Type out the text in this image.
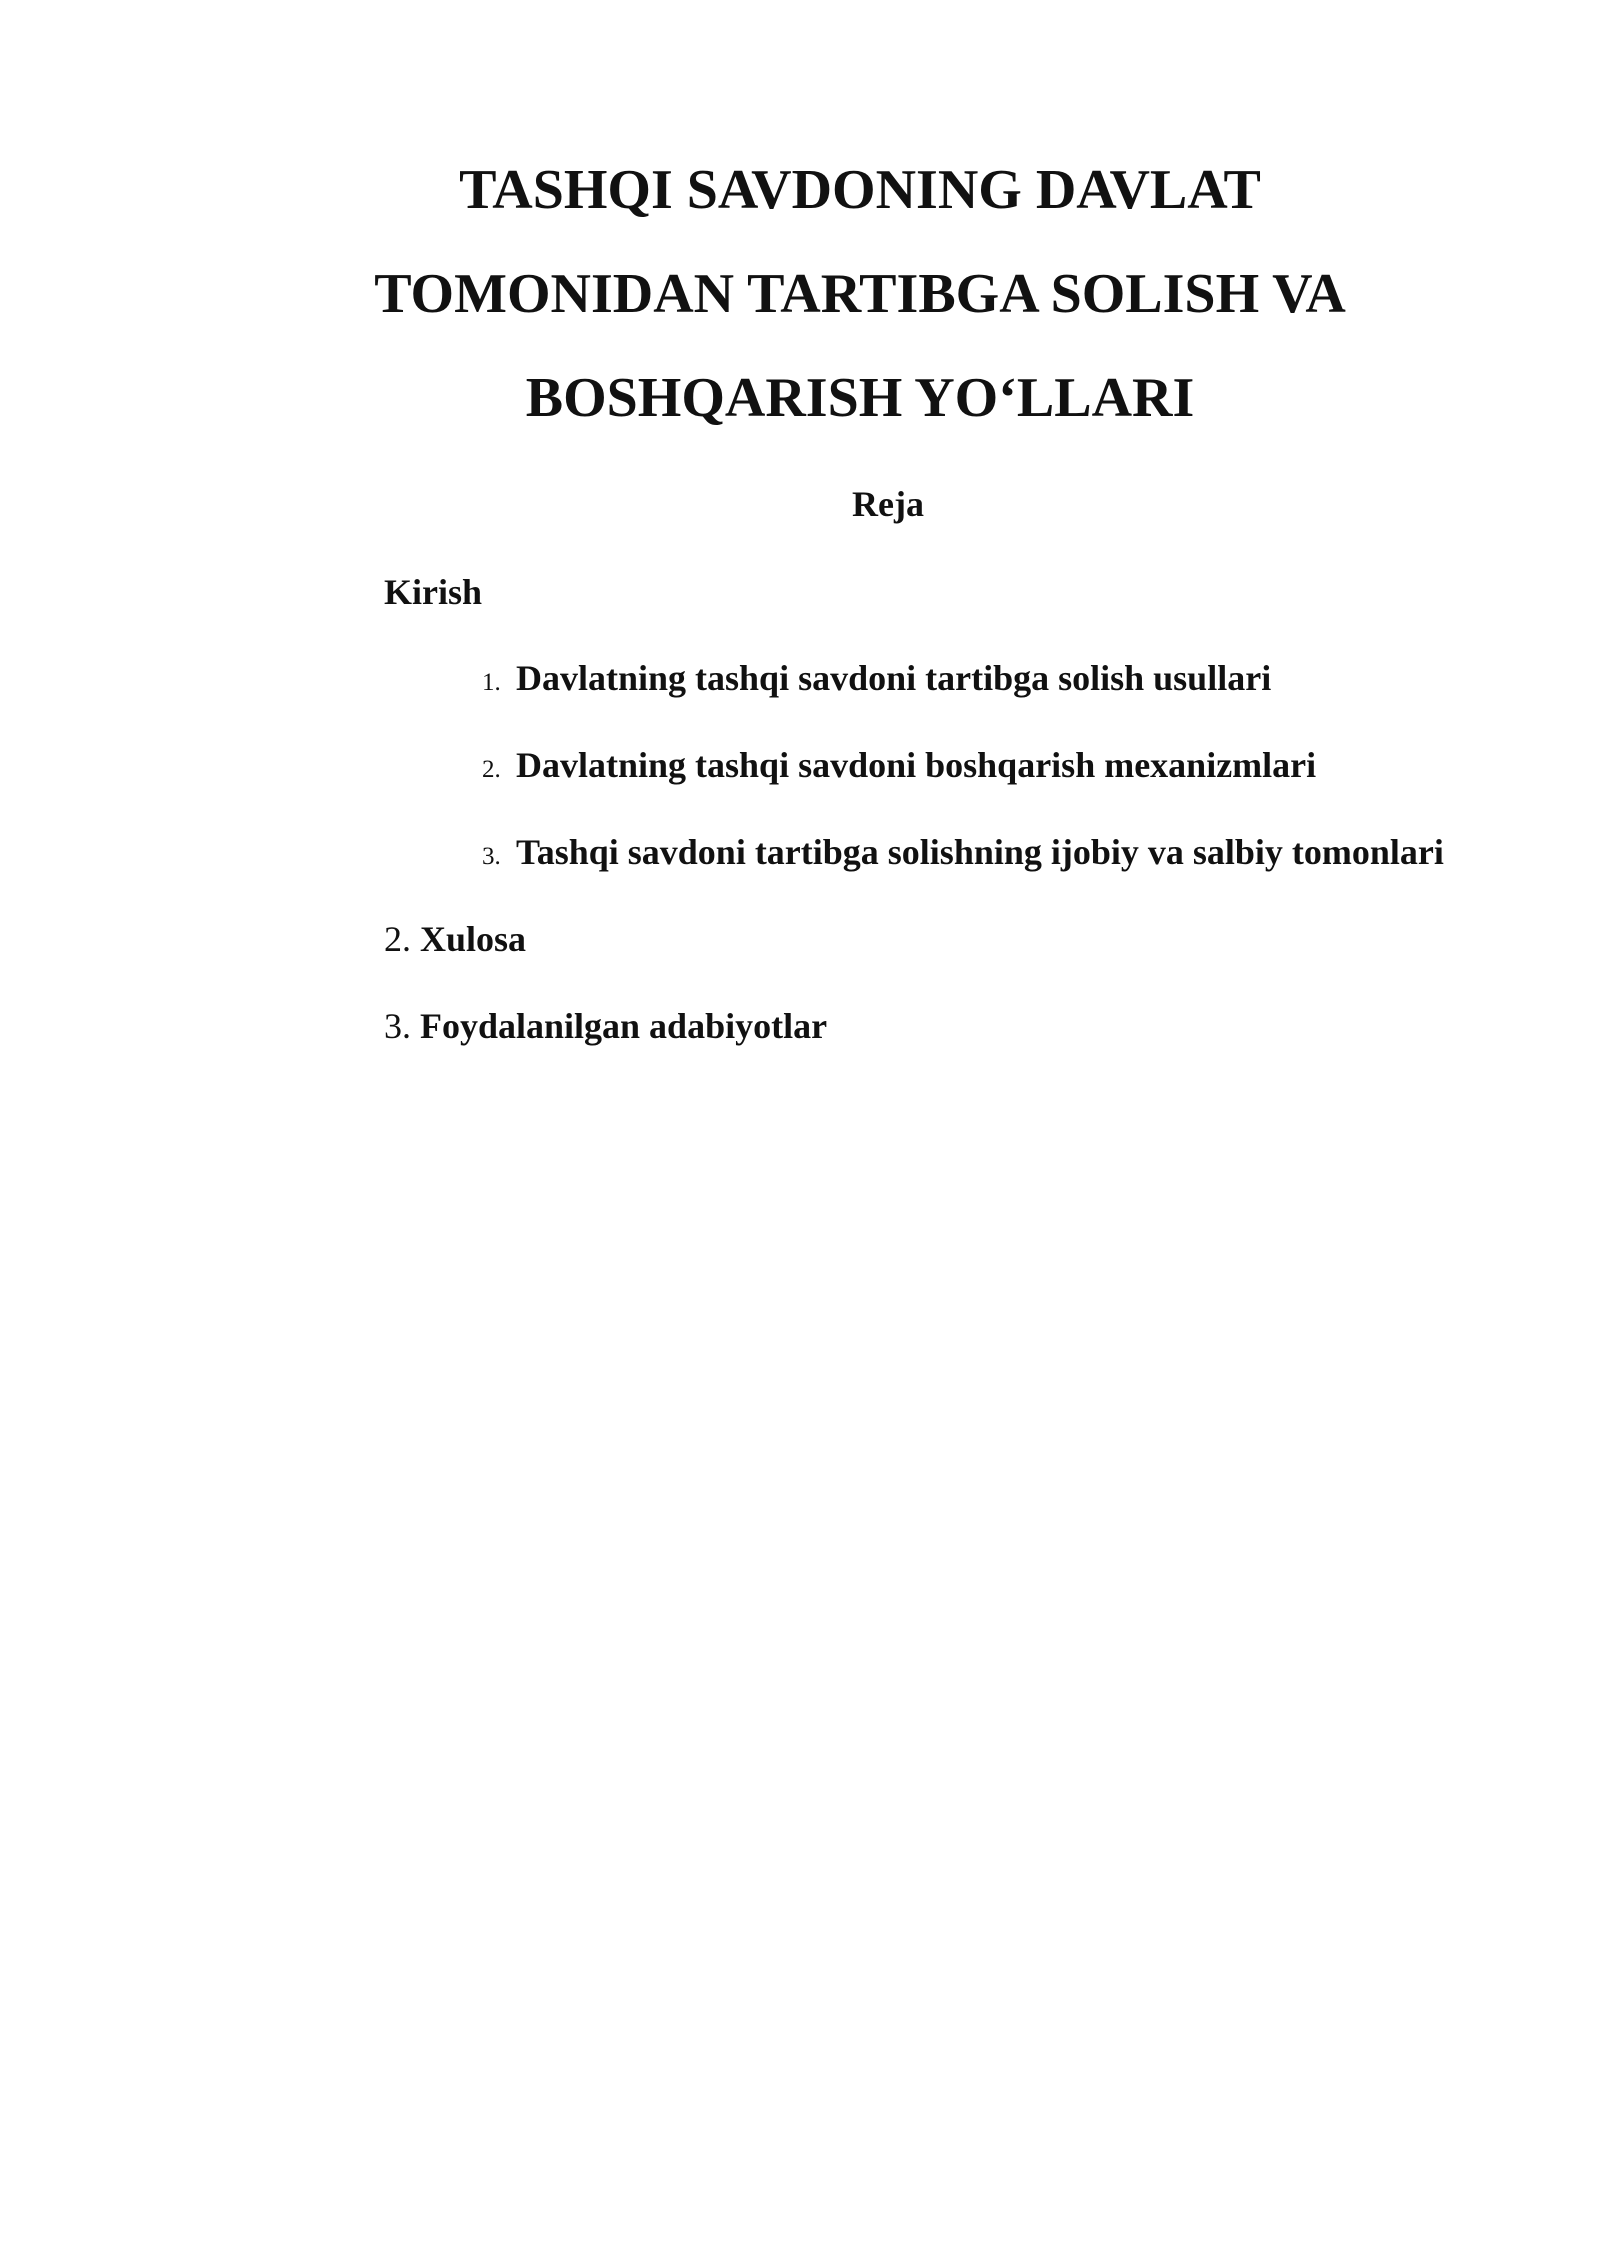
TASHQI SAVDONING DAVLAT
TOMONIDAN TARTIBGA SOLISH VA
BOSHQARISH YO‘LLARI
Reja
Kirish
1. Davlatning tashqi savdoni tartibga solish usullari
2. Davlatning tashqi savdoni boshqarish mexanizmlari
3. Tashqi savdoni tartibga solishning ijobiy va salbiy tomonlari
2. Xulosa
3. Foydalanilgan adabiyotlar
